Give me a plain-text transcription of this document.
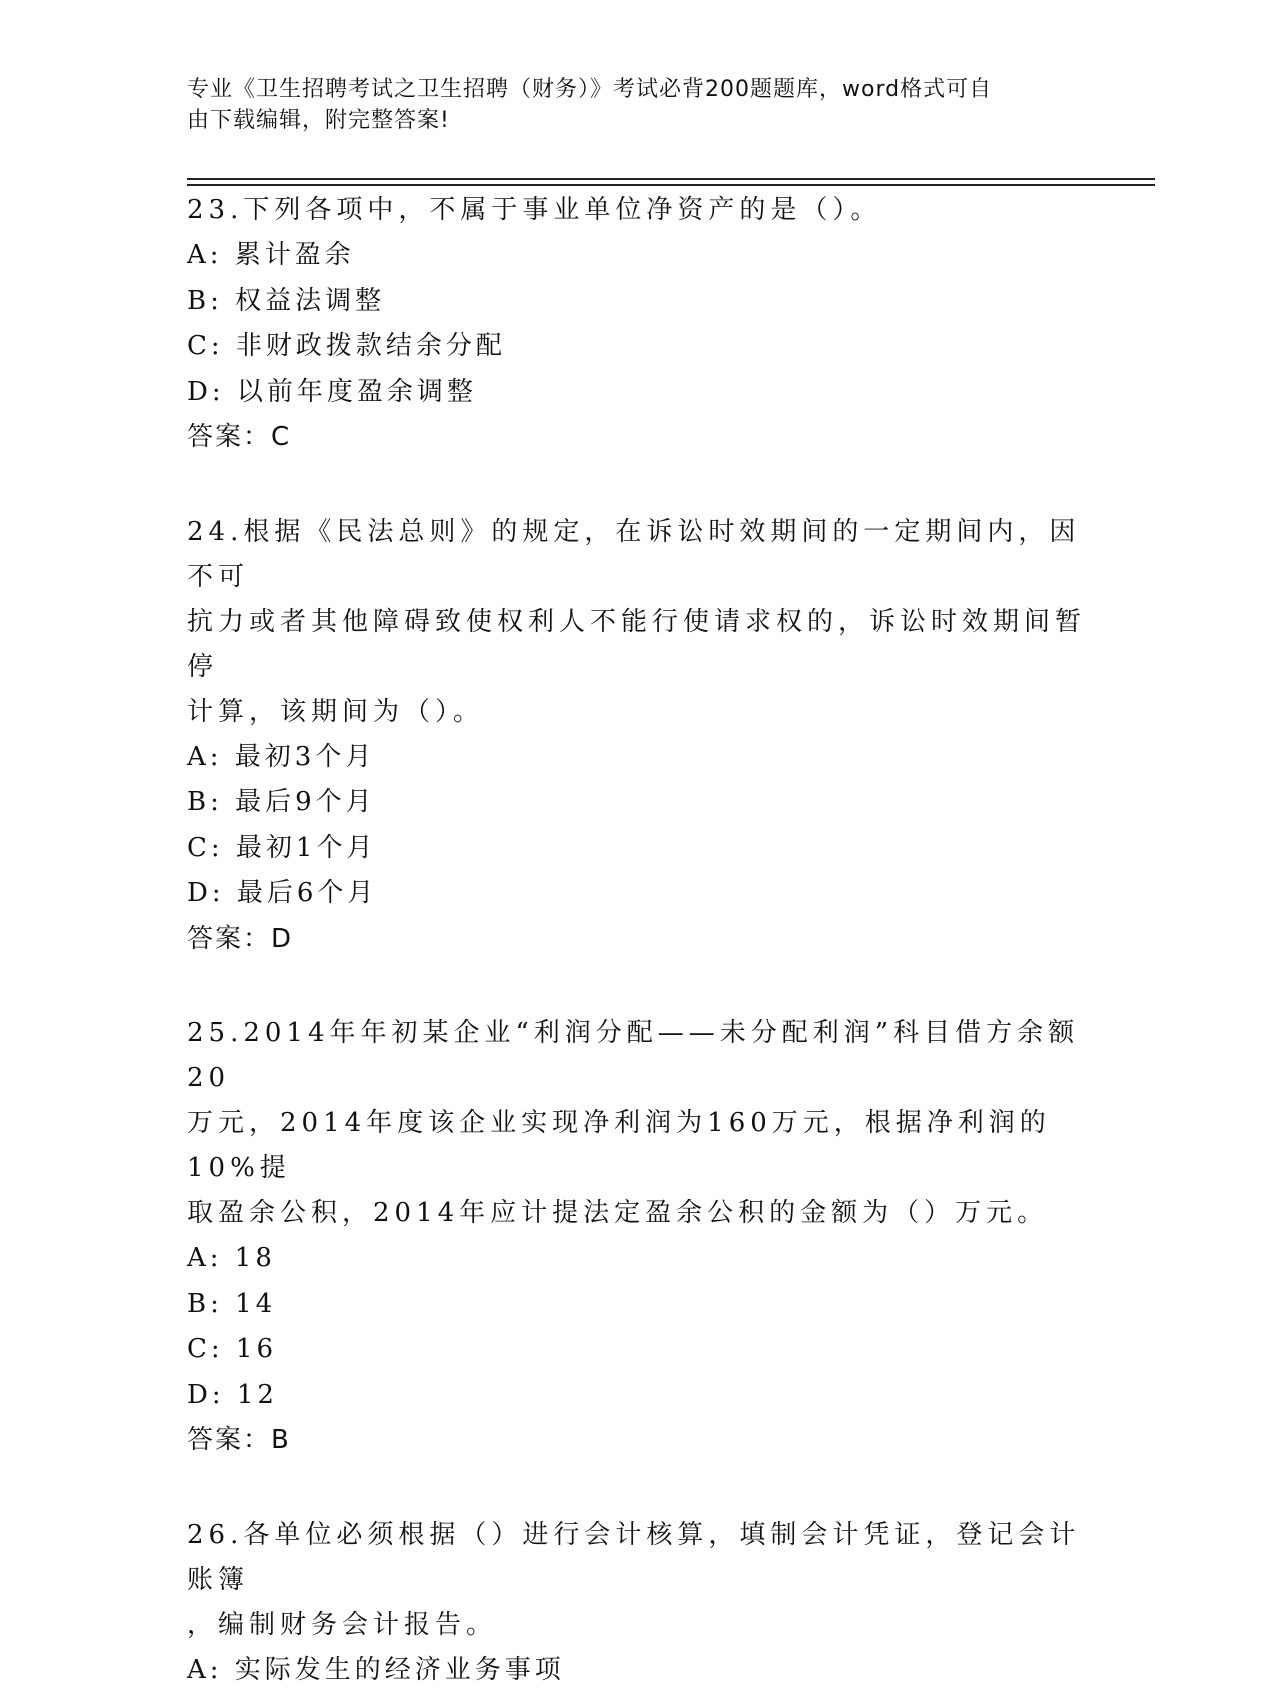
专业《卫生招聘考试之卫生招聘（财务）》考试必背200题题库，word格式可自
由下载编辑，附完整答案!

23.下列各项中，不属于事业单位净资产的是（）。

A: 累计盈余

B: 权益法调整

C: 非财政拨款结余分配

D: 以前年度盈余调整

答案：C

24.根据《民法总则》的规定，在诉讼时效期间的一定期间内，因不可

抗力或者其他障碍致使权利人不能行使请求权的，诉讼时效期间暂停

计算，该期间为（）。

A: 最初3个月

B: 最后9个月

C: 最初1个月

D: 最后6个月

答案：D

25.2014年年初某企业“利润分配——未分配利润”科目借方余额20

万元，2014年度该企业实现净利润为160万元，根据净利润的10%提

取盈余公积，2014年应计提法定盈余公积的金额为（）万元。

A: 18

B: 14

C: 16

D: 12

答案：B

26.各单位必须根据（）进行会计核算，填制会计凭证，登记会计账簿

，编制财务会计报告。

A: 实际发生的经济业务事项
